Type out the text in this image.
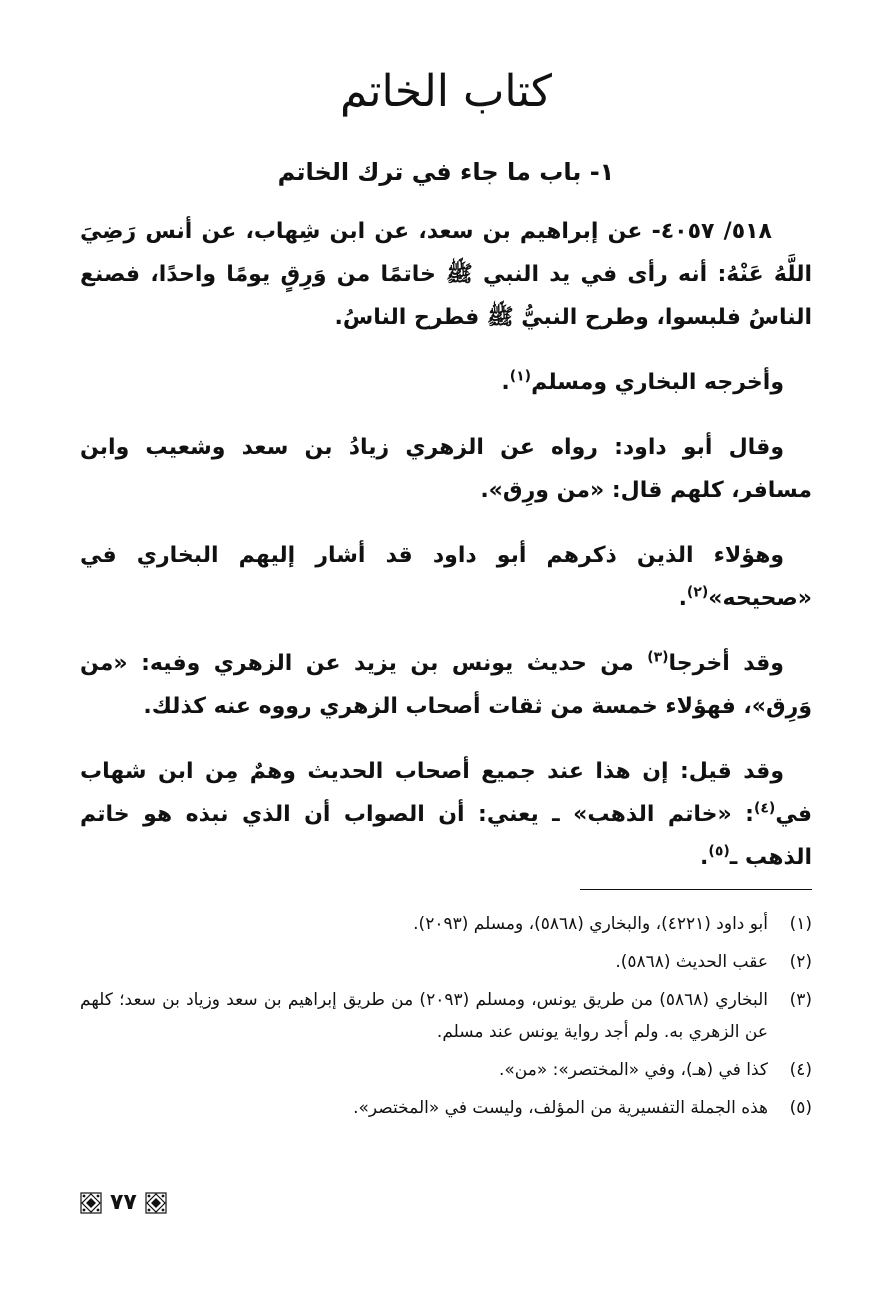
كتاب الخاتم
١- باب ما جاء في ترك الخاتم

٥١٨/ ٤٠٥٧- عن إبراهيم بن سعد، عن ابن شِهاب، عن أنس رَضِيَ اللَّهُ عَنْهُ: أنه رأى في يد النبي ﷺ خاتمًا من وَرِقٍ يومًا واحدًا، فصنع الناسُ فلبسوا، وطرح النبيُّ ﷺ فطرح الناسُ.

وأخرجه البخاري ومسلم$^{(١)}$.

وقال أبو داود: رواه عن الزهري زيادُ بن سعد وشعيب وابن مسافر، كلهم قال: «من ورِق».

وهؤلاء الذين ذكرهم أبو داود قد أشار إليهم البخاري في «صحيحه»$^{(٢)}$.

وقد أخرجا$^{(٣)}$ من حديث يونس بن يزيد عن الزهري وفيه: «من وَرِق»، فهؤلاء خمسة من ثقات أصحاب الزهري رووه عنه كذلك.

وقد قيل: إن هذا عند جميع أصحاب الحديث وهمٌ مِن ابن شهاب في$^{(٤)}$: «خاتم الذهب» ـ يعني: أن الصواب أن الذي نبذه هو خاتم الذهب ـ$^{(٥)}$.

(١)
أبو داود (٤٢٢١)، والبخاري (٥٨٦٨)، ومسلم (٢٠٩٣).
(٢)
عقب الحديث (٥٨٦٨).
(٣)
البخاري (٥٨٦٨) من طريق يونس، ومسلم (٢٠٩٣) من طريق إبراهيم بن سعد وزياد بن سعد؛ كلهم عن الزهري به. ولم أجد رواية يونس عند مسلم.
(٤)
كذا في (هـ)، وفي «المختصر»: «من».
(٥)
هذه الجملة التفسيرية من المؤلف، وليست في «المختصر».
٧٧
